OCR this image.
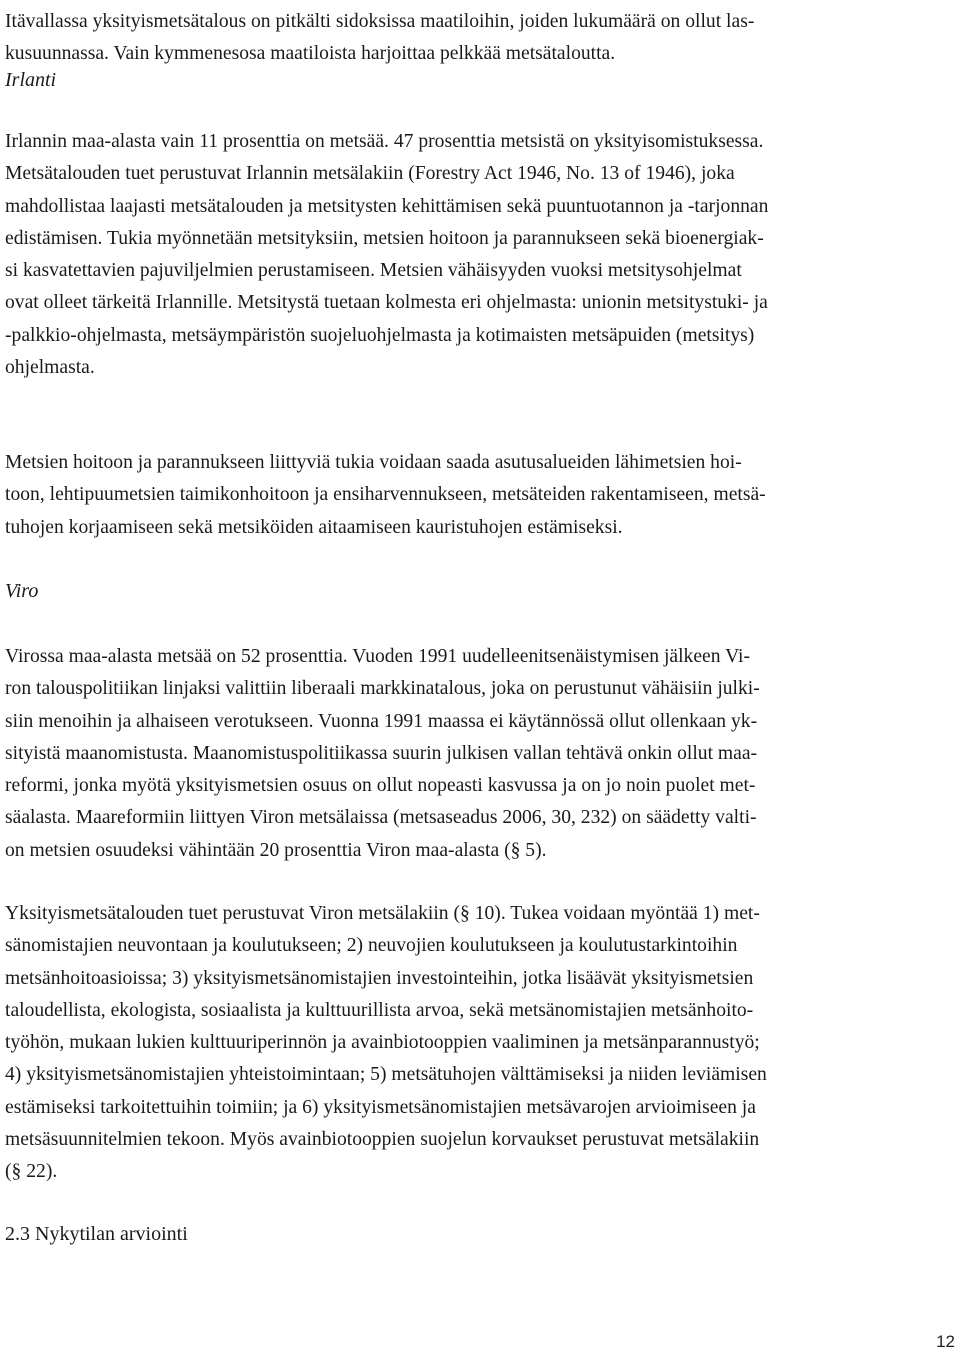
Itävallassa yksityismetsätalous on pitkälti sidoksissa maatiloihin, joiden lukumäärä on ollut las-
kusuunnassa. Vain kymmenesosa maatiloista harjoittaa pelkkää metsätaloutta.

Irlanti

Irlannin maa-alasta vain 11 prosenttia on metsää. 47 prosenttia metsistä on yksityisomistuksessa.
Metsätalouden tuet perustuvat Irlannin metsälakiin (Forestry Act 1946, No. 13 of 1946), joka
mahdollistaa laajasti metsätalouden ja metsitysten kehittämisen sekä puuntuotannon ja -tarjonnan
edistämisen. Tukia myönnetään metsityksiin, metsien hoitoon ja parannukseen sekä bioenergiak-
si kasvatettavien pajuviljelmien perustamiseen. Metsien vähäisyyden vuoksi metsitysohjelmat
ovat olleet tärkeitä Irlannille. Metsitystä tuetaan kolmesta eri ohjelmasta: unionin metsitystuki- ja
-palkkio-ohjelmasta, metsäympäristön suojeluohjelmasta ja kotimaisten metsäpuiden (metsitys)
ohjelmasta.

Metsien hoitoon ja parannukseen liittyviä tukia voidaan saada asutusalueiden lähimetsien hoi-
toon, lehtipuumetsien taimikonhoitoon ja ensiharvennukseen, metsäteiden rakentamiseen, metsä-
tuhojen korjaamiseen sekä metsiköiden aitaamiseen kauristuhojen estämiseksi.

Viro

Virossa maa-alasta metsää on 52 prosenttia. Vuoden 1991 uudelleenitsenäistymisen jälkeen Vi-
ron talouspolitiikan linjaksi valittiin liberaali markkinatalous, joka on perustunut vähäisiin julki-
siin menoihin ja alhaiseen verotukseen. Vuonna 1991 maassa ei käytännössä ollut ollenkaan yk-
sityistä maanomistusta. Maanomistuspolitiikassa suurin julkisen vallan tehtävä onkin ollut maa-
reformi, jonka myötä yksityismetsien osuus on ollut nopeasti kasvussa ja on jo noin puolet met-
säalasta. Maareformiin liittyen Viron metsälaissa (metsaseadus 2006, 30, 232) on säädetty valti-
on metsien osuudeksi vähintään 20 prosenttia Viron maa-alasta (§ 5).

Yksityismetsätalouden tuet perustuvat Viron metsälakiin (§ 10). Tukea voidaan myöntää 1) met-
sänomistajien neuvontaan ja koulutukseen; 2) neuvojien koulutukseen ja koulutustarkintoihin
metsänhoitoasioissa; 3) yksityismetsänomistajien investointeihin, jotka lisäävät yksityismetsien
taloudellista, ekologista, sosiaalista ja kulttuurillista arvoa, sekä metsänomistajien metsänhoito-
työhön, mukaan lukien kulttuuriperinnön ja avainbiotooppien vaaliminen ja metsänparannustyö;
4) yksityismetsänomistajien yhteistoimintaan; 5) metsätuhojen välttämiseksi ja niiden leviämisen
estämiseksi tarkoitettuihin toimiin; ja 6) yksityismetsänomistajien metsävarojen arvioimiseen ja
metsäsuunnitelmien tekoon. Myös avainbiotooppien suojelun korvaukset perustuvat metsälakiin
(§ 22).

2.3 Nykytilan arviointi
12
